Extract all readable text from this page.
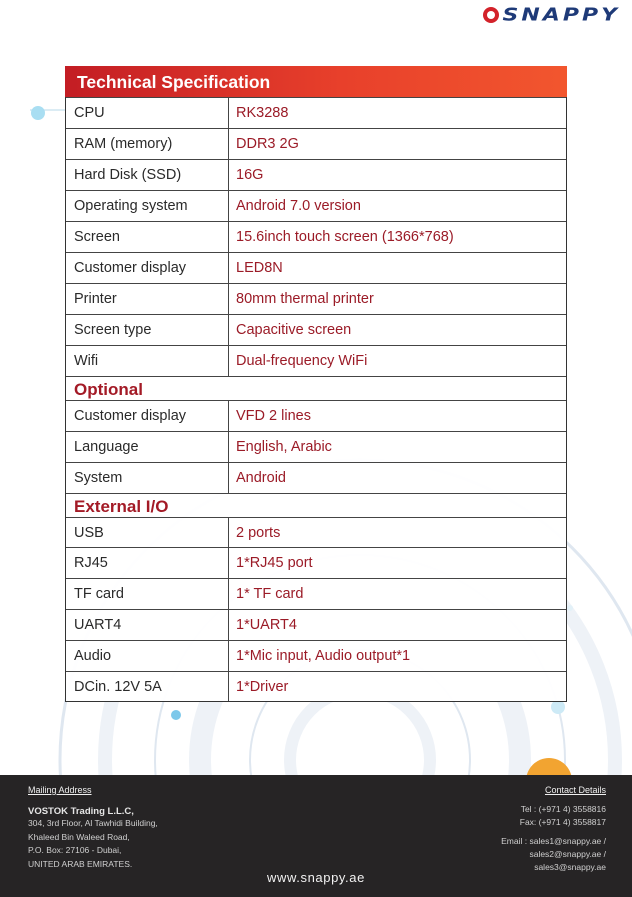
SNAPPY
Technical Specification
CPU	RK3288
RAM (memory)	DDR3 2G
Hard Disk (SSD)	16G
Operating system	Android 7.0 version
Screen	15.6inch touch screen (1366*768)
Customer display	LED8N
Printer	80mm thermal printer
Screen type	Capacitive screen
Wifi	Dual-frequency WiFi
Optional
Customer display	VFD 2 lines
Language	English, Arabic
System	Android
External I/O
USB	2 ports
RJ45	1*RJ45 port
TF card	1* TF card
UART4	1*UART4
Audio	1*Mic input, Audio output*1
DCin. 12V 5A	1*Driver
Mailing Address
VOSTOK Trading L.L.C,
304, 3rd Floor, Al Tawhidi Building,
Khaleed Bin Waleed Road,
P.O. Box: 27106 - Dubai,
UNITED ARAB EMIRATES.
Contact Details
Tel : (+971 4) 3558816
Fax: (+971 4) 3558817
Email : sales1@snappy.ae /
sales2@snappy.ae /
sales3@snappy.ae
www.snappy.ae
